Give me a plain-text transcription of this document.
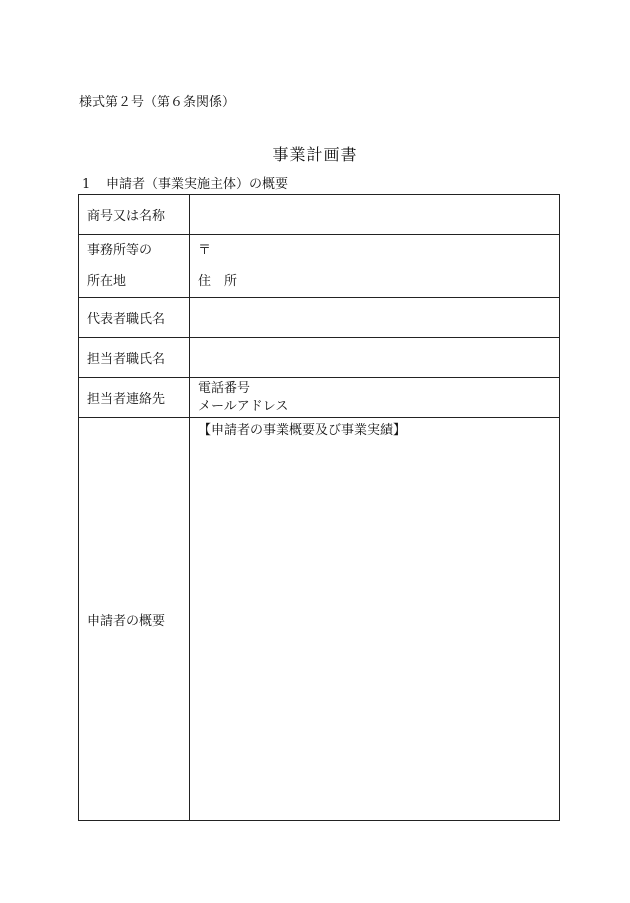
様式第２号（第６条関係）
事業計画書
1 申請者（事業実施主体）の概要
商号又は名称	

事務所等の
所在地	〒
住　所

代表者職氏名	
担当者職氏名	
担当者連絡先	電話番号
メールアドレス

申請者の概要	【申請者の事業概要及び事業実績】
